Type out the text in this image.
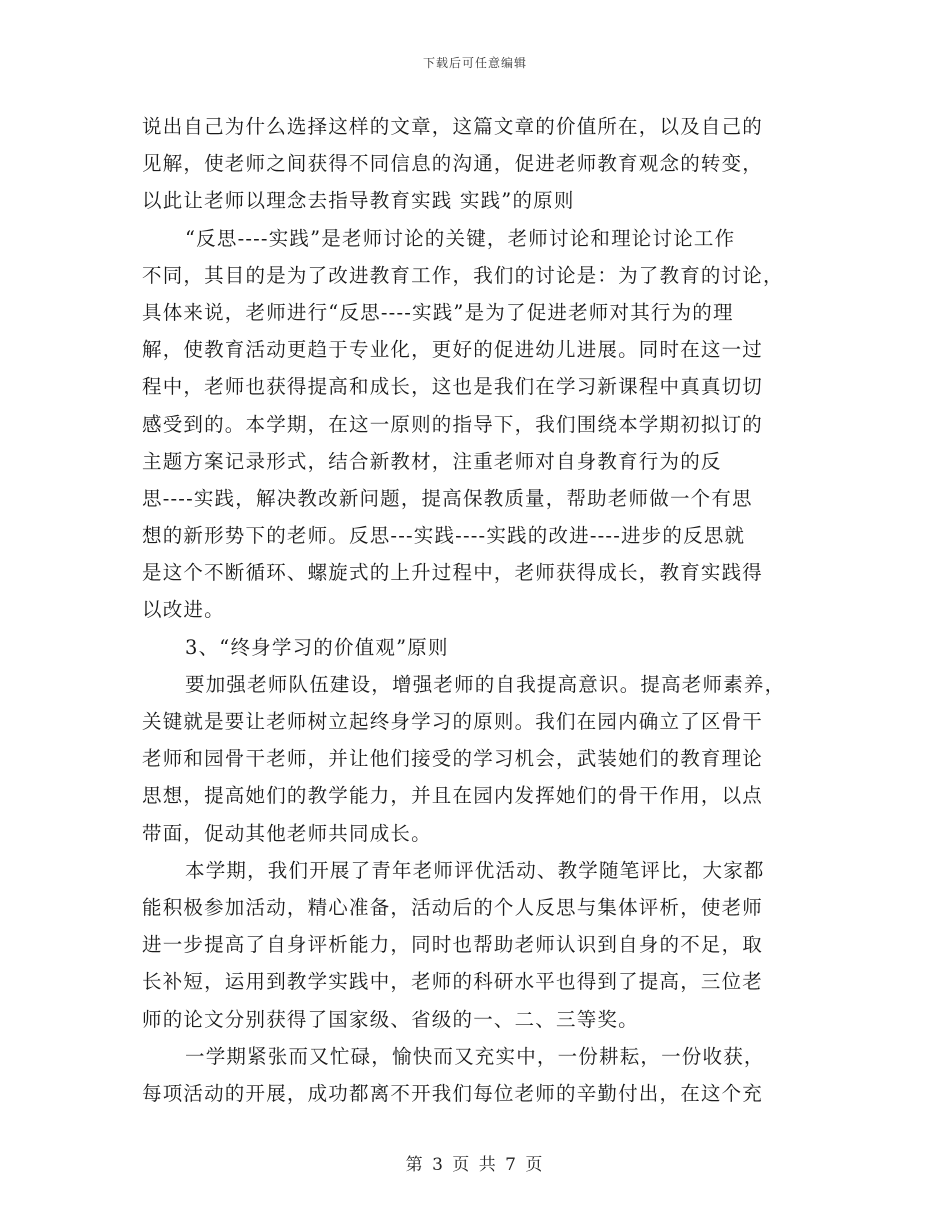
下载后可任意编辑
说出自己为什么选择这样的文章，这篇文章的价值所在，以及自己的
见解，使老师之间获得不同信息的沟通，促进老师教育观念的转变，
以此让老师以理念去指导教育实践 实践”的原则
“反思----实践”是老师讨论的关键，老师讨论和理论讨论工作
不同，其目的是为了改进教育工作，我们的讨论是：为了教育的讨论，
具体来说，老师进行“反思----实践”是为了促进老师对其行为的理
解，使教育活动更趋于专业化，更好的促进幼儿进展。同时在这一过
程中，老师也获得提高和成长，这也是我们在学习新课程中真真切切
感受到的。本学期，在这一原则的指导下，我们围绕本学期初拟订的
主题方案记录形式，结合新教材，注重老师对自身教育行为的反
思----实践，解决教改新问题，提高保教质量，帮助老师做一个有思
想的新形势下的老师。反思---实践----实践的改进----进步的反思就
是这个不断循环、螺旋式的上升过程中，老师获得成长，教育实践得
以改进。
3、“终身学习的价值观”原则
要加强老师队伍建设，增强老师的自我提高意识。提高老师素养，
关键就是要让老师树立起终身学习的原则。我们在园内确立了区骨干
老师和园骨干老师，并让他们接受的学习机会，武装她们的教育理论
思想，提高她们的教学能力，并且在园内发挥她们的骨干作用，以点
带面，促动其他老师共同成长。
本学期，我们开展了青年老师评优活动、教学随笔评比，大家都
能积极参加活动，精心准备，活动后的个人反思与集体评析，使老师
进一步提高了自身评析能力，同时也帮助老师认识到自身的不足，取
长补短，运用到教学实践中，老师的科研水平也得到了提高，三位老
师的论文分别获得了国家级、省级的一、二、三等奖。
一学期紧张而又忙碌，愉快而又充实中，一份耕耘，一份收获，
每项活动的开展，成功都离不开我们每位老师的辛勤付出，在这个充
第 3 页 共 7 页
